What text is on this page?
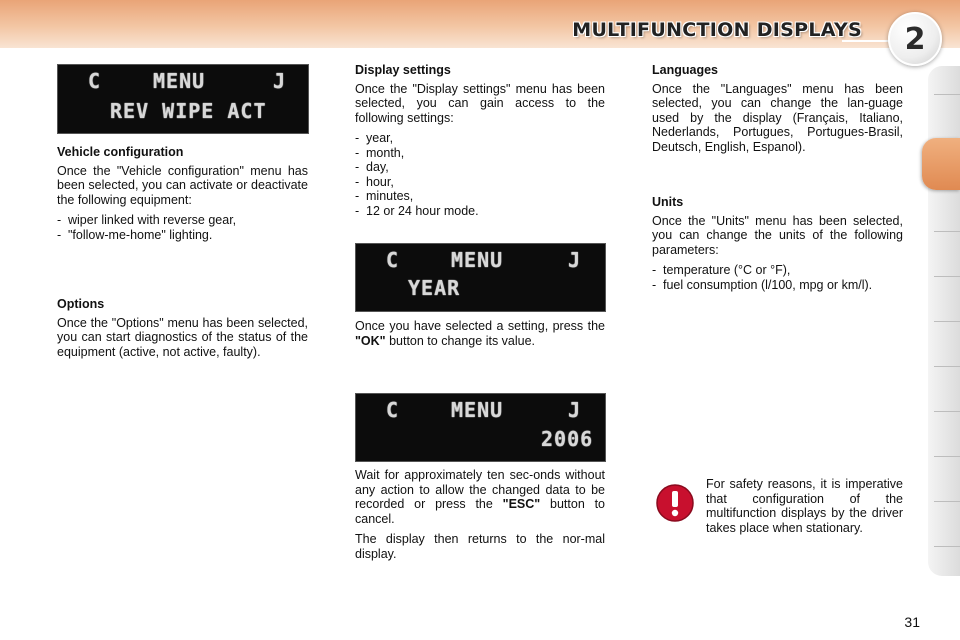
MULTIFUNCTION DISPLAYS 2
C	MENU	J
REV WIPE ACT
C	MENU	J
YEAR
C	MENU	J
2006
Vehicle configuration

Once the "Vehicle configuration" menu has been selected, you can activate or deactivate the following equipment:

- wiper linked with reverse gear,
- "follow-me-home" lighting.
Options

Once the "Options" menu has been selected, you can start diagnostics of the status of the equipment (active, not active, faulty).

Display settings

Once the "Display settings" menu has been selected, you can gain access to the following settings:

- year,
- month,
- day,
- hour,
- minutes,
- 12 or 24 hour mode.

Once you have selected a setting, press the "OK" button to change its value.

Wait for approximately ten sec-onds without any action to allow the changed data to be recorded or press the "ESC" button to cancel.

The display then returns to the nor-mal display.

Languages

Once the "Languages" menu has been selected, you can change the lan-guage used by the display (Français, Italiano, Nederlands, Portugues, Portugues-Brasil, Deutsch, English, Espanol).

Units

Once the "Units" menu has been selected, you can change the units of the following parameters:

- temperature (°C or °F),
- fuel consumption (l/100, mpg or km/l).

For safety reasons, it is imperative that configuration of the multifunction displays by the driver takes place when stationary.

31
